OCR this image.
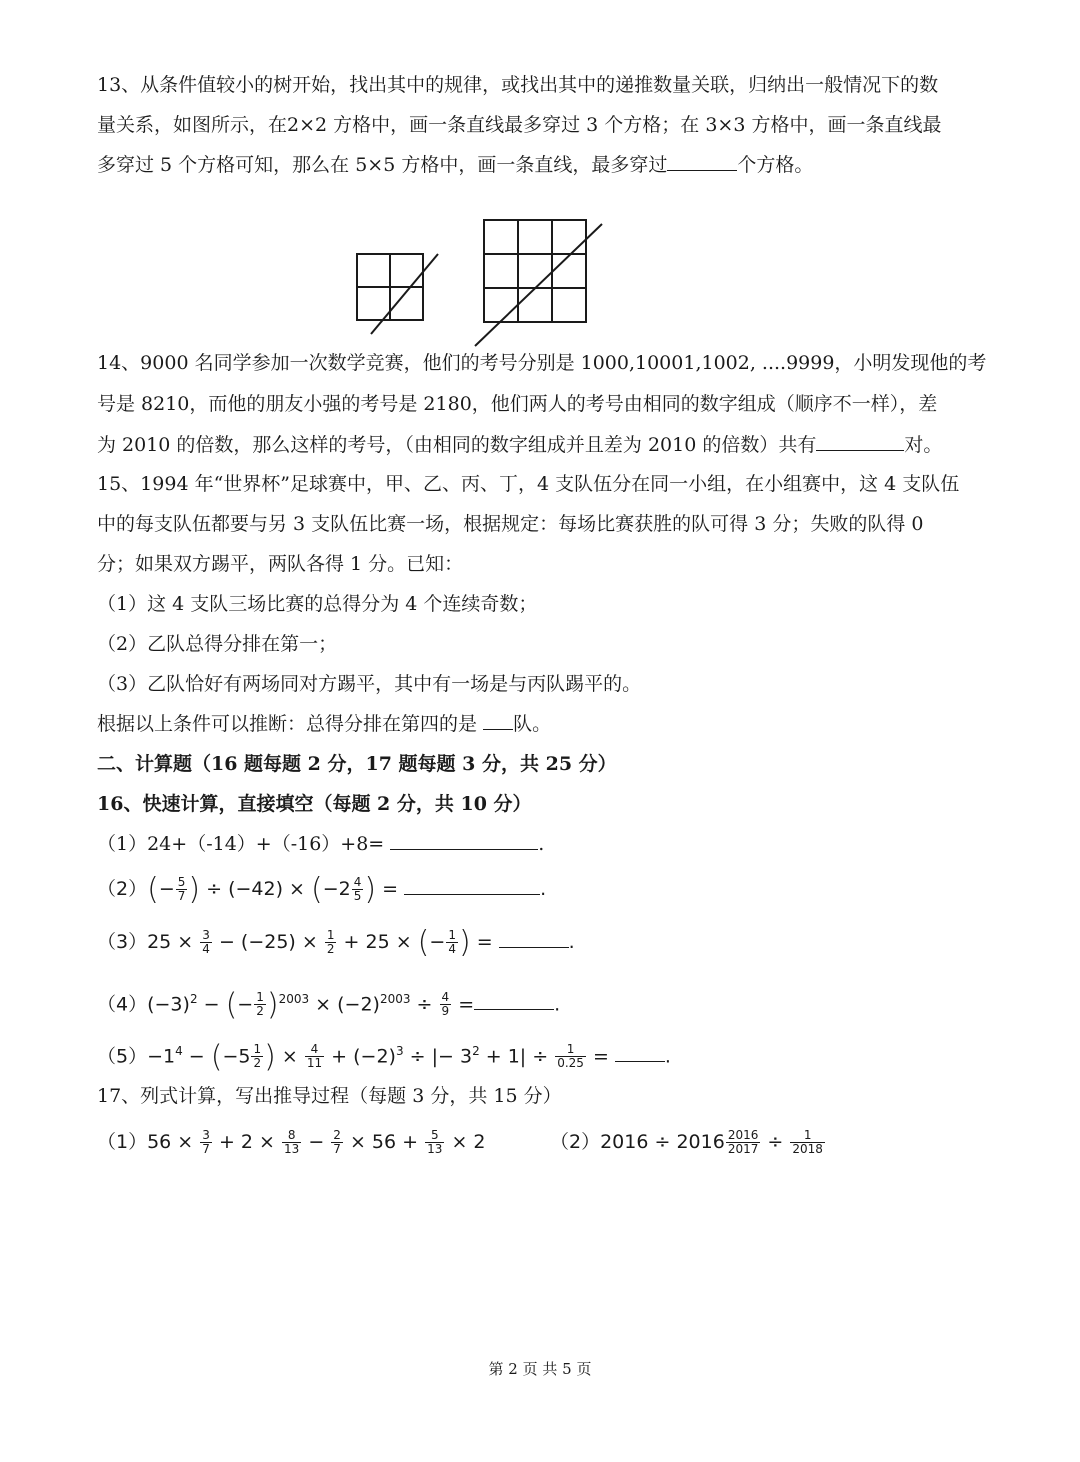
13、从条件值较小的树开始，找出其中的规律，或找出其中的递推数量关联，归纳出一般情况下的数
量关系，如图所示，在2×2 方格中，画一条直线最多穿过 3 个方格；在 3×3 方格中，画一条直线最
多穿过 5 个方格可知，那么在 5×5 方格中，画一条直线，最多穿过	个方格。
14、9000 名同学参加一次数学竞赛，他们的考号分别是 1000,10001,1002, ....9999，小明发现他的考
号是 8210，而他的朋友小强的考号是 2180，他们两人的考号由相同的数字组成（顺序不一样），差
为 2010 的倍数，那么这样的考号，（由相同的数字组成并且差为 2010 的倍数）共有	对。
15、1994 年“世界杯”足球赛中，甲、乙、丙、丁，4 支队伍分在同一小组，在小组赛中，这 4 支队伍
中的每支队伍都要与另 3 支队伍比赛一场，根据规定：每场比赛获胜的队可得 3 分；失败的队得 0
分；如果双方踢平，两队各得 1 分。已知：
（1）这 4 支队三场比赛的总得分为 4 个连续奇数；
（2）乙队总得分排在第一；
（3）乙队恰好有两场同对方踢平，其中有一场是与丙队踢平的。
根据以上条件可以推断：总得分排在第四的是 队。
二、计算题（16 题每题 2 分，17 题每题 3 分，共 25 分）
16、快速计算，直接填空（每题 2 分，共 10 分）
（1）24+（-14）+（-16）+8=	.
$(2)(- \frac{5}{7}$ ) ÷ $(-42) \times (-2 \frac{4}{5}$ ) =	.
$(3)25 \times \frac{3}{4} - (-25) \times \frac{1}{2} + 25$ × (− $\frac{1}{4}$ ) =	.
$(4)(-3)^2$ − (− $\frac{1}{2} )^{2003} \times (-2)^{2003} \div \frac{4}{9}$ =	.
$(5)-1^4 - (-5 \frac{1}{2}$ ) × $\frac{4}{11} + (-2)^3$ ÷ |− $3^2 + 1| \div \frac{1}{0.25}$ =	.
17、列式计算，写出推导过程（每题 3 分，共 15 分）
$(1)56 \times \frac{3}{7} + 2 \times \frac{8}{13} - \frac{2}{7} \times 56 + \frac{5}{13} \times 2$	$(2)2016 \div 2016 \frac{2016}{2017} \div \frac{1}{2018}$
第 2 页 共 5 页
